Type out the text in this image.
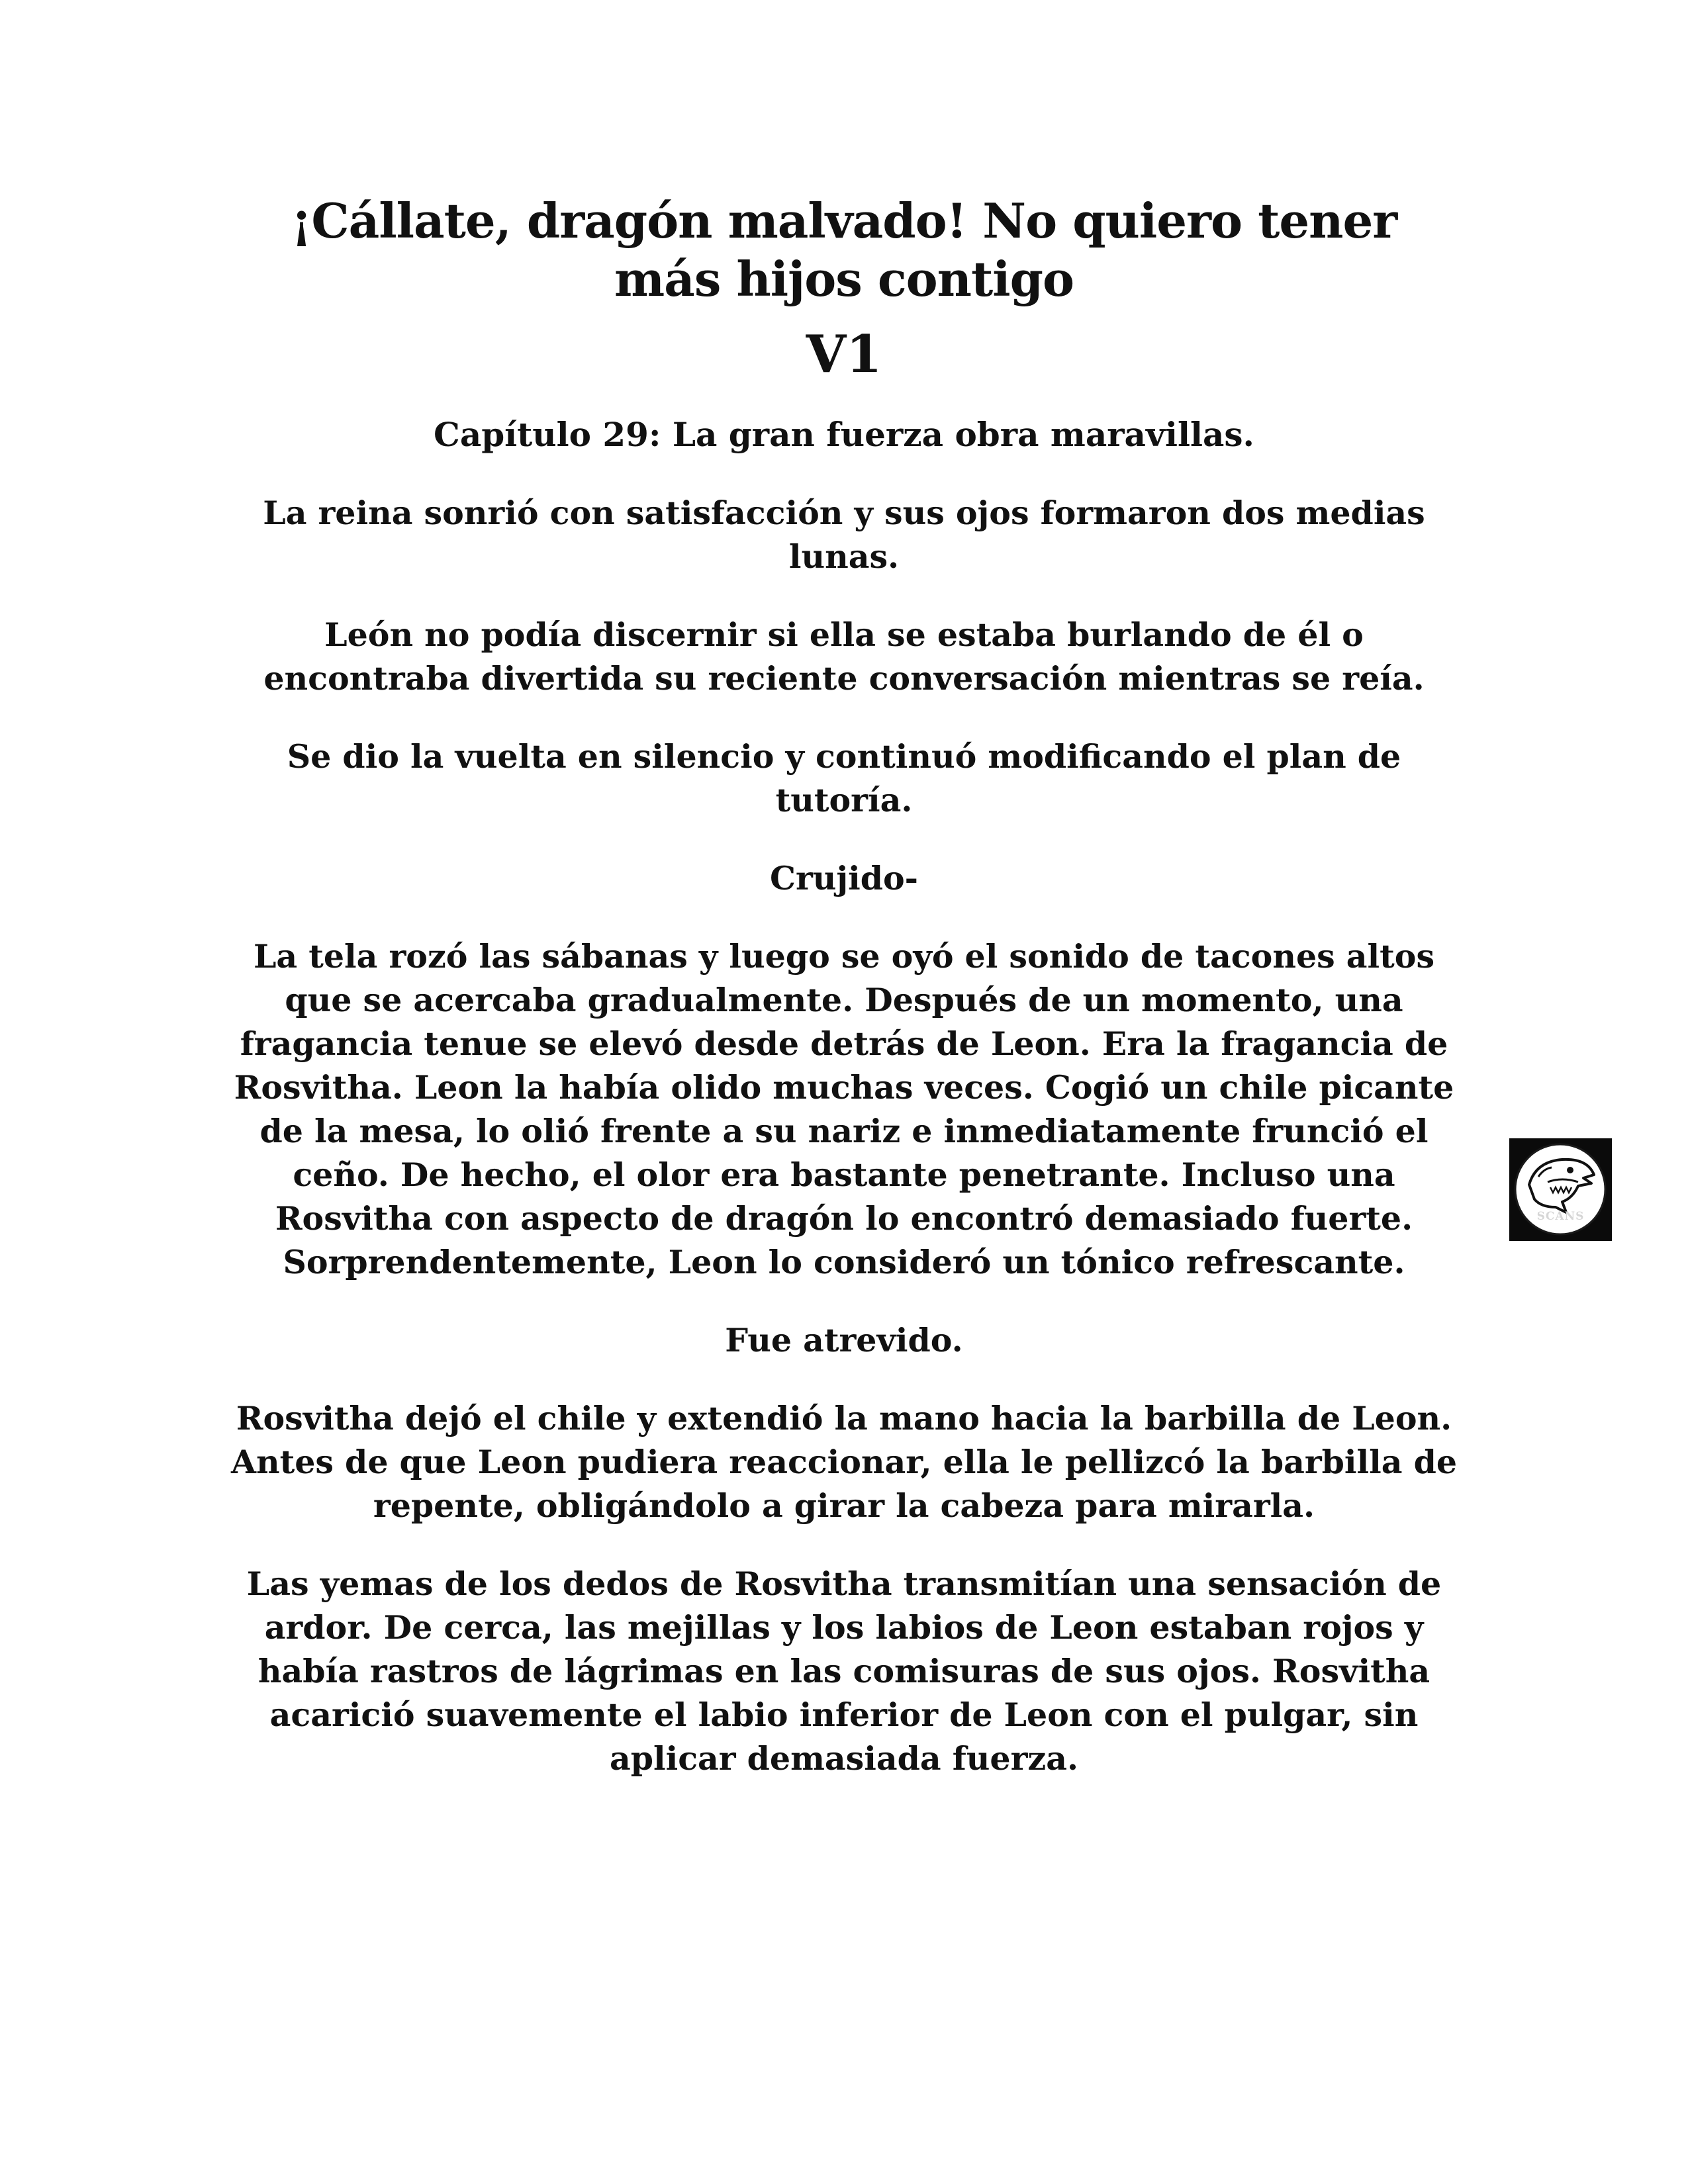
¡Cállate, dragón malvado! No quiero tener
más hijos contigo
V1

Capítulo 29: La gran fuerza obra maravillas.

La reina sonrió con satisfacción y sus ojos formaron dos medias lunas.

León no podía discernir si ella se estaba burlando de él o encontraba divertida su reciente conversación mientras se reía.

Se dio la vuelta en silencio y continuó modificando el plan de tutoría.

Crujido-

La tela rozó las sábanas y luego se oyó el sonido de tacones altos que se acercaba gradualmente. Después de un momento, una fragancia tenue se elevó desde detrás de Leon. Era la fragancia de Rosvitha. Leon la había olido muchas veces. Cogió un chile picante de la mesa, lo olió frente a su nariz e inmediatamente frunció el ceño. De hecho, el olor era bastante penetrante. Incluso una Rosvitha con aspecto de dragón lo encontró demasiado fuerte. Sorprendentemente, Leon lo consideró un tónico refrescante.

Fue atrevido.

Rosvitha dejó el chile y extendió la mano hacia la barbilla de Leon. Antes de que Leon pudiera reaccionar, ella le pellizcó la barbilla de repente, obligándolo a girar la cabeza para mirarla.

Las yemas de los dedos de Rosvitha transmitían una sensación de ardor. De cerca, las mejillas y los labios de Leon estaban rojos y había rastros de lágrimas en las comisuras de sus ojos. Rosvitha acarició suavemente el labio inferior de Leon con el pulgar, sin aplicar demasiada fuerza.

SCANS
